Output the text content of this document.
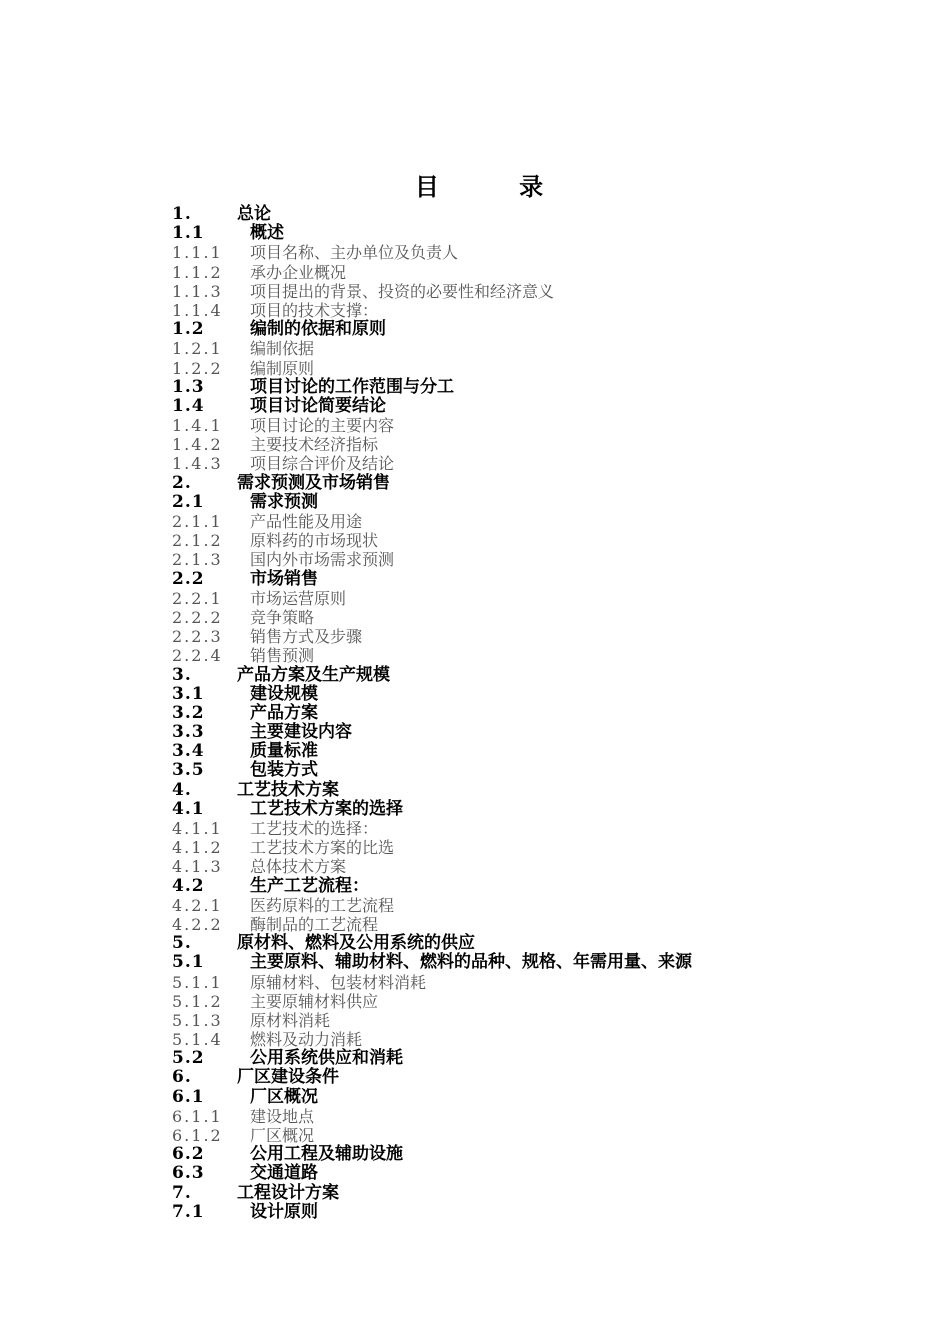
目 录
1.	总论
1.1	概述
1.1.1 项目名称、主办单位及负责人
1.1.2 承办企业概况
1.1.3 项目提出的背景、投资的必要性和经济意义
1.1.4 项目的技术支撑：
1.2	编制的依据和原则
1.2.1 编制依据
1.2.2 编制原则
1.3	项目讨论的工作范围与分工
1.4	项目讨论简要结论
1.4.1 项目讨论的主要内容
1.4.2 主要技术经济指标
1.4.3 项目综合评价及结论
2.	需求预测及市场销售
2.1	需求预测
2.1.1 产品性能及用途
2.1.2 原料药的市场现状
2.1.3 国内外市场需求预测
2.2	市场销售
2.2.1 市场运营原则
2.2.2 竞争策略
2.2.3 销售方式及步骤
2.2.4 销售预测
3.	产品方案及生产规模
3.1	建设规模
3.2	产品方案
3.3	主要建设内容
3.4	质量标准
3.5	包装方式
4.	工艺技术方案
4.1	工艺技术方案的选择
4.1.1 工艺技术的选择：
4.1.2 工艺技术方案的比选
4.1.3 总体技术方案
4.2	生产工艺流程：
4.2.1 医药原料的工艺流程
4.2.2 酶制品的工艺流程
5.	原材料、燃料及公用系统的供应
5.1	主要原料、辅助材料、燃料的品种、规格、年需用量、来源
5.1.1 原辅材料、包装材料消耗
5.1.2 主要原辅材料供应
5.1.3 原材料消耗
5.1.4 燃料及动力消耗
5.2	公用系统供应和消耗
6.	厂区建设条件
6.1	厂区概况
6.1.1 建设地点
6.1.2 厂区概况
6.2	公用工程及辅助设施
6.3	交通道路
7.	工程设计方案
7.1	设计原则
